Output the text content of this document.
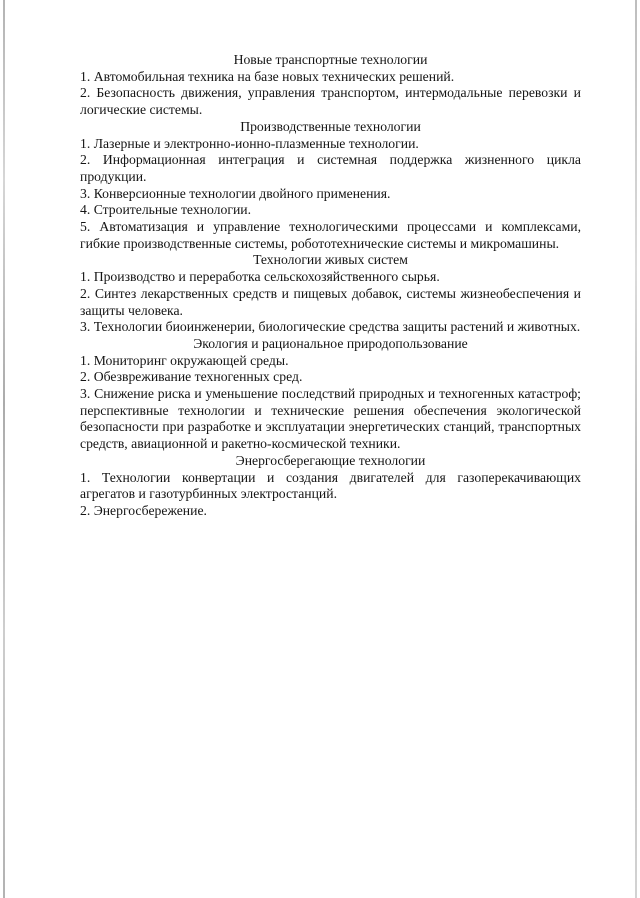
Новые транспортные технологии

1. Автомобильная техника на базе новых технических решений.

2. Безопасность движения, управления транспортом, интермодальные перевозки и логические системы.

Производственные технологии

1. Лазерные и электронно-ионно-плазменные технологии.

2. Информационная интеграция и системная поддержка жизненного цикла продукции.

3. Конверсионные технологии двойного применения.

4. Строительные технологии.

5. Автоматизация и управление технологическими процессами и комплексами, гибкие производственные системы, робототехнические системы и микромашины.

Технологии живых систем

1. Производство и переработка сельскохозяйственного сырья.

2. Синтез лекарственных средств и пищевых добавок, системы жизнеобеспечения и защиты человека.

3. Технологии биоинженерии, биологические средства защиты растений и животных.

Экология и рациональное природопользование

1. Мониторинг окружающей среды.

2. Обезвреживание техногенных сред.

3. Снижение риска и уменьшение последствий природных и техногенных катастроф; перспективные технологии и технические решения обеспечения экологической безопасности при разработке и эксплуатации энергетических станций, транспортных средств, авиационной и ракетно-космической техники.

Энергосберегающие технологии

1. Технологии конвертации и создания двигателей для газоперекачивающих агрегатов и газотурбинных электростанций.

2. Энергосбережение.
